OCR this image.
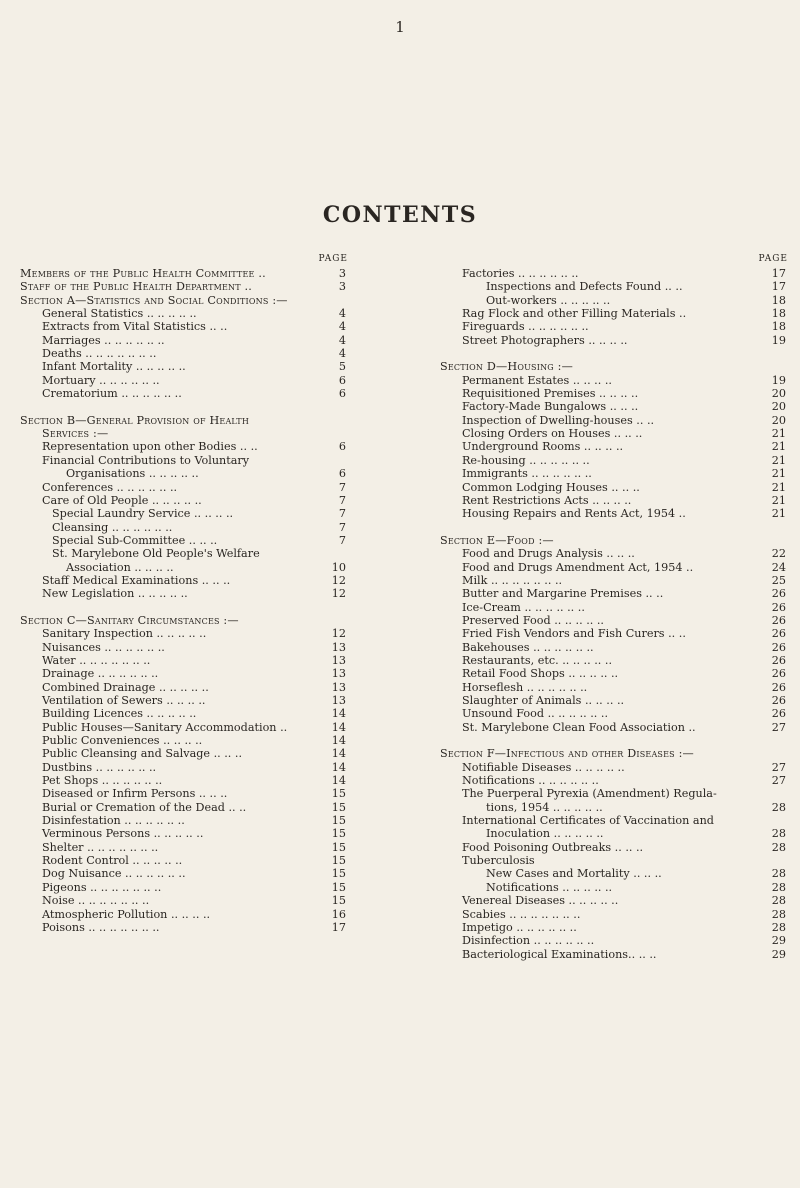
1
CONTENTS
PAGE
Members of the Public Health Committee ..	3
Staff of the Public Health Department ..	3
Section A—Statistics and Social Conditions :—
General Statistics .. .. .. .. ..	4
Extracts from Vital Statistics .. ..	4
Marriages .. .. .. .. .. ..	4
Deaths .. .. .. .. .. .. ..	4
Infant Mortality .. .. .. .. ..	5
Mortuary .. .. .. .. .. ..	6
Crematorium .. .. .. .. .. ..	6
Section B—General Provision of Health
Services :—
Representation upon other Bodies .. ..	6
Financial Contributions to Voluntary
Organisations .. .. .. .. ..	6
Conferences .. .. .. .. .. ..	7
Care of Old People .. .. .. .. ..	7
Special Laundry Service .. .. .. ..	7
Cleansing .. .. .. .. .. ..	7
Special Sub-Committee .. .. ..	7
St. Marylebone Old People's Welfare
Association .. .. .. ..	10
Staff Medical Examinations .. .. ..	12
New Legislation .. .. .. .. ..	12
Section C—Sanitary Circumstances :—
Sanitary Inspection .. .. .. .. ..	12
Nuisances .. .. .. .. .. ..	13
Water .. .. .. .. .. .. ..	13
Drainage .. .. .. .. .. ..	13
Combined Drainage .. .. .. .. ..	13
Ventilation of Sewers .. .. .. ..	13
Building Licences .. .. .. .. ..	14
Public Houses—Sanitary Accommodation ..	14
Public Conveniences .. .. .. ..	14
Public Cleansing and Salvage .. .. ..	14
Dustbins .. .. .. .. .. ..	14
Pet Shops .. .. .. .. .. ..	14
Diseased or Infirm Persons .. .. ..	15
Burial or Cremation of the Dead .. ..	15
Disinfestation .. .. .. .. .. ..	15
Verminous Persons .. .. .. .. ..	15
Shelter .. .. .. .. .. .. ..	15
Rodent Control .. .. .. .. ..	15
Dog Nuisance .. .. .. .. .. ..	15
Pigeons .. .. .. .. .. .. ..	15
Noise .. .. .. .. .. .. ..	15
Atmospheric Pollution .. .. .. ..	16
Poisons .. .. .. .. .. .. ..	17
PAGE
Factories .. .. .. .. .. ..	17
Inspections and Defects Found .. ..	17
Out-workers .. .. .. .. ..	18
Rag Flock and other Filling Materials ..	18
Fireguards .. .. .. .. .. ..	18
Street Photographers .. .. .. ..	19
Section D—Housing :—
Permanent Estates .. .. .. ..	19
Requisitioned Premises .. .. .. ..	20
Factory-Made Bungalows .. .. ..	20
Inspection of Dwelling-houses .. ..	20
Closing Orders on Houses .. .. ..	21
Underground Rooms .. .. .. ..	21
Re-housing .. .. .. .. .. ..	21
Immigrants .. .. .. .. .. ..	21
Common Lodging Houses .. .. ..	21
Rent Restrictions Acts .. .. .. ..	21
Housing Repairs and Rents Act, 1954 ..	21
Section E—Food :—
Food and Drugs Analysis .. .. ..	22
Food and Drugs Amendment Act, 1954 ..	24
Milk .. .. .. .. .. .. ..	25
Butter and Margarine Premises .. ..	26
Ice-Cream .. .. .. .. .. ..	26
Preserved Food .. .. .. .. ..	26
Fried Fish Vendors and Fish Curers .. ..	26
Bakehouses .. .. .. .. .. ..	26
Restaurants, etc. .. .. .. .. ..	26
Retail Food Shops .. .. .. .. ..	26
Horseflesh .. .. .. .. .. ..	26
Slaughter of Animals .. .. .. ..	26
Unsound Food .. .. .. .. .. ..	26
St. Marylebone Clean Food Association ..	27
Section F—Infectious and other Diseases :—
Notifiable Diseases .. .. .. .. ..	27
Notifications .. .. .. .. .. ..	27
The Puerperal Pyrexia (Amendment) Regula-
tions, 1954 .. .. .. .. ..	28
International Certificates of Vaccination and
Inoculation .. .. .. .. ..	28
Food Poisoning Outbreaks .. .. ..	28
Tuberculosis
New Cases and Mortality .. .. ..	28
Notifications .. .. .. .. ..	28
Venereal Diseases .. .. .. .. ..	28
Scabies .. .. .. .. .. .. ..	28
Impetigo .. .. .. .. .. ..	28
Disinfection .. .. .. .. .. ..	29
Bacteriological Examinations.. .. ..	29
